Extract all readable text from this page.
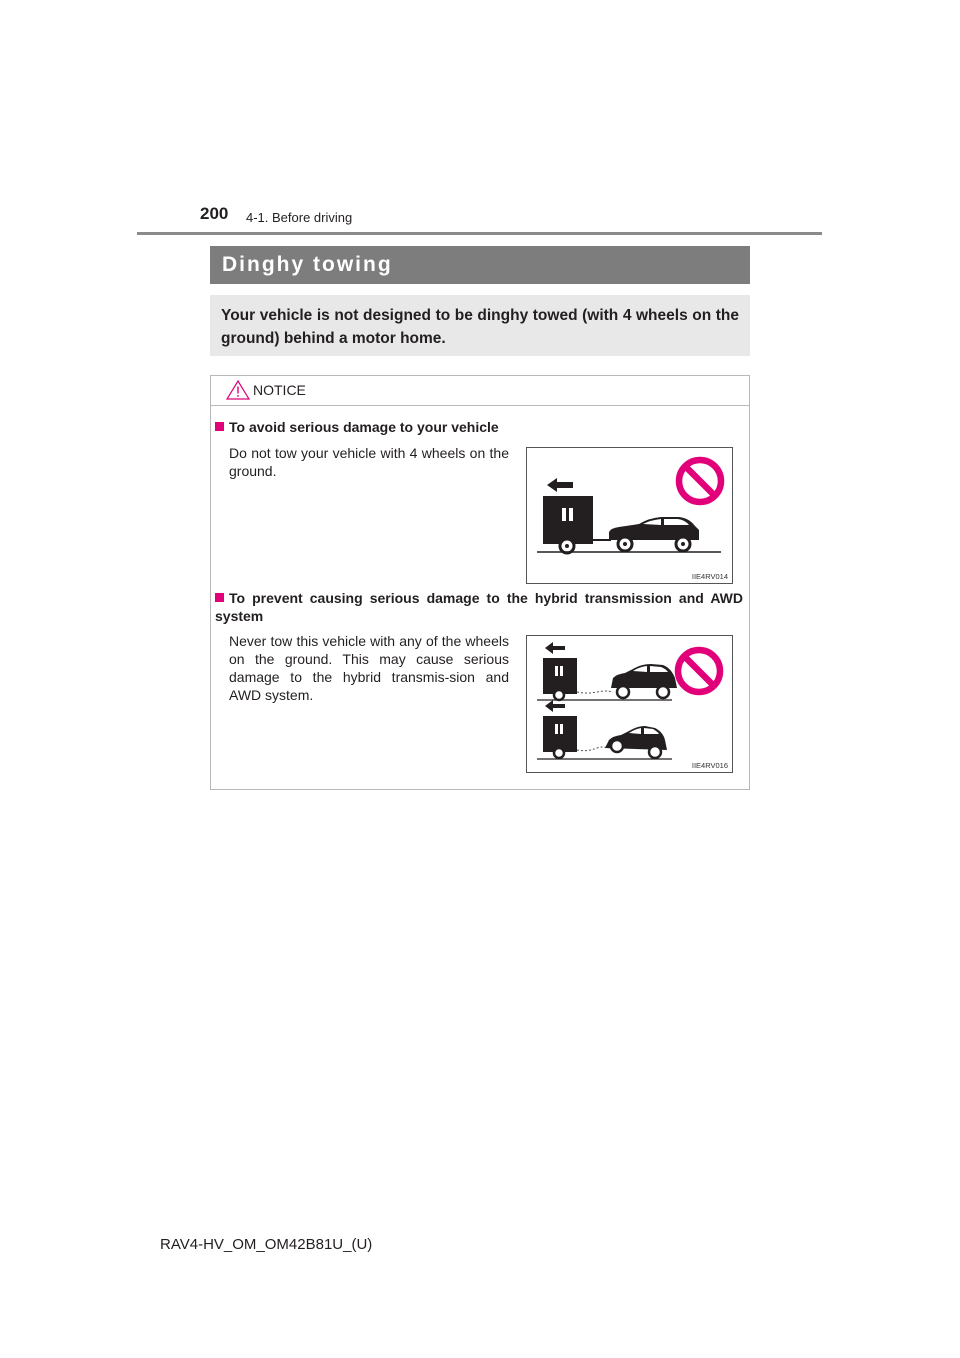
200 4-1. Before driving
Dinghy towing
Your vehicle is not designed to be dinghy towed (with 4 wheels on the ground) behind a motor home.
NOTICE
To avoid serious damage to your vehicle
Do not tow your vehicle with 4 wheels on the ground.
IIE4RV014
To prevent causing serious damage to the hybrid transmission and AWD system
Never tow this vehicle with any of the wheels on the ground. This may cause serious damage to the hybrid transmis-sion and AWD system.
IIE4RV016
RAV4-HV_OM_OM42B81U_(U)
